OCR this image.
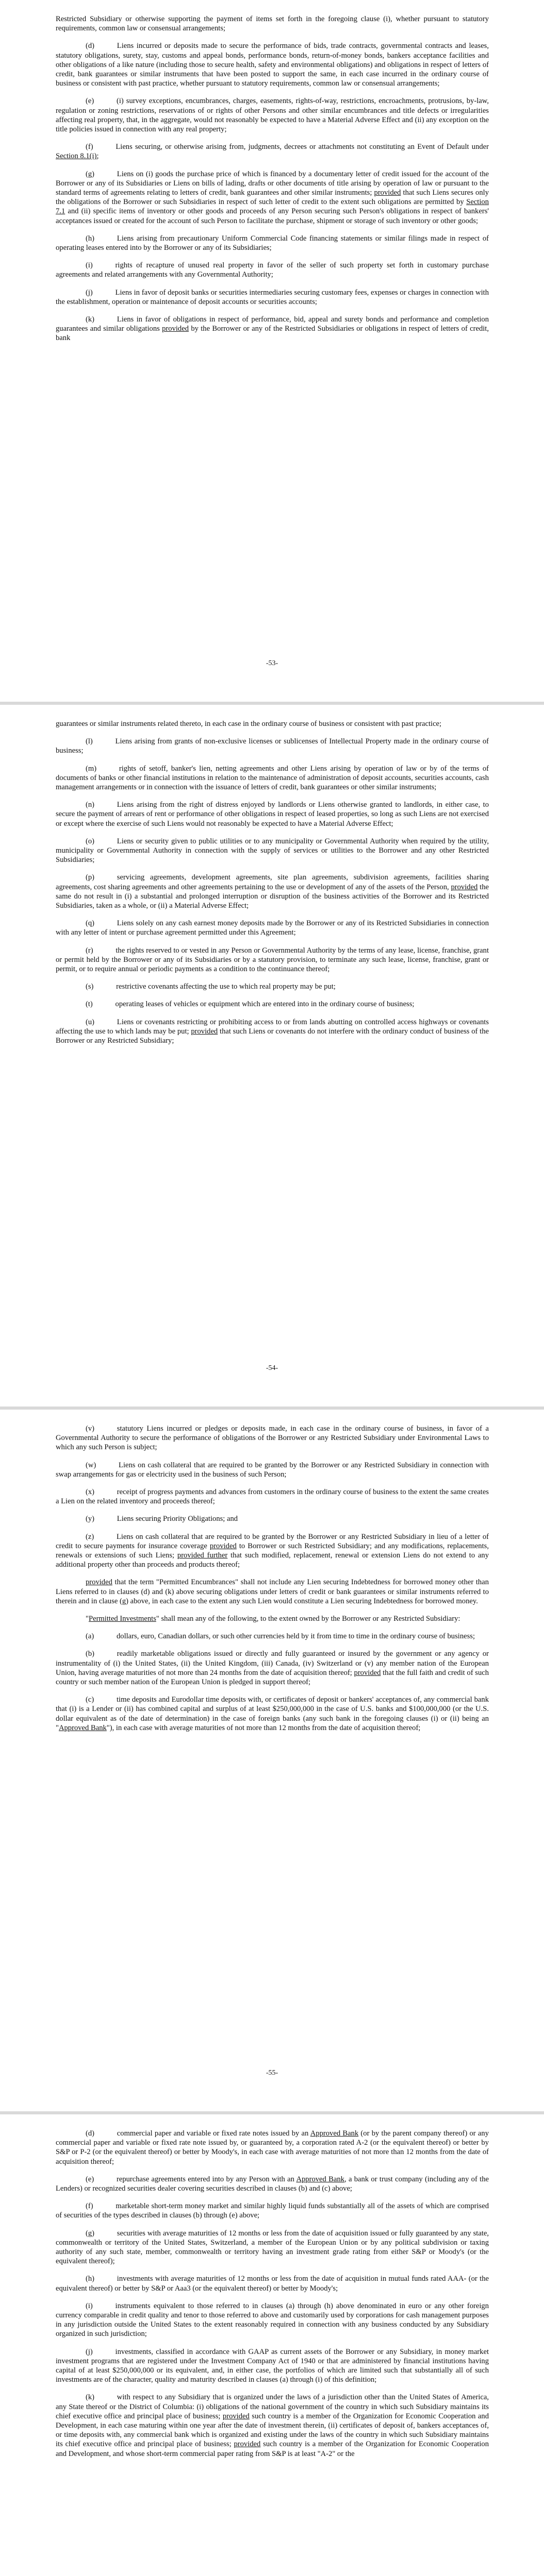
Restricted Subsidiary or otherwise supporting the payment of items set forth in the foregoing clause (i), whether pursuant to statutory requirements, common law or consensual arrangements;

(d)   Liens incurred or deposits made to secure the performance of bids, trade contracts, governmental contracts and leases, statutory obligations, surety, stay, customs and appeal bonds, performance bonds, return-of-money bonds, bankers acceptance facilities and other obligations of a like nature (including those to secure health, safety and environmental obligations) and obligations in respect of letters of credit, bank guarantees or similar instruments that have been posted to support the same, in each case incurred in the ordinary course of business or consistent with past practice, whether pursuant to statutory requirements, common law or consensual arrangements;

(e)   (i) survey exceptions, encumbrances, charges, easements, rights-of-way, restrictions, encroachments, protrusions, by-law, regulation or zoning restrictions, reservations of or rights of other Persons and other similar encumbrances and title defects or irregularities affecting real property, that, in the aggregate, would not reasonably be expected to have a Material Adverse Effect and (ii) any exception on the title policies issued in connection with any real property;

(f)   Liens securing, or otherwise arising from, judgments, decrees or attachments not constituting an Event of Default under Section 8.1(i);

(g)   Liens on (i) goods the purchase price of which is financed by a documentary letter of credit issued for the account of the Borrower or any of its Subsidiaries or Liens on bills of lading, drafts or other documents of title arising by operation of law or pursuant to the standard terms of agreements relating to letters of credit, bank guarantees and other similar instruments; provided that such Liens secures only the obligations of the Borrower or such Subsidiaries in respect of such letter of credit to the extent such obligations are permitted by Section 7.1 and (ii) specific items of inventory or other goods and proceeds of any Person securing such Person's obligations in respect of bankers' acceptances issued or created for the account of such Person to facilitate the purchase, shipment or storage of such inventory or other goods;

(h)   Liens arising from precautionary Uniform Commercial Code financing statements or similar filings made in respect of operating leases entered into by the Borrower or any of its Subsidiaries;

(i)   rights of recapture of unused real property in favor of the seller of such property set forth in customary purchase agreements and related arrangements with any Governmental Authority;

(j)   Liens in favor of deposit banks or securities intermediaries securing customary fees, expenses or charges in connection with the establishment, operation or maintenance of deposit accounts or securities accounts;

(k)   Liens in favor of obligations in respect of performance, bid, appeal and surety bonds and performance and completion guarantees and similar obligations provided by the Borrower or any of the Restricted Subsidiaries or obligations in respect of letters of credit, bank

-53-

guarantees or similar instruments related thereto, in each case in the ordinary course of business or consistent with past practice;

(l)   Liens arising from grants of non-exclusive licenses or sublicenses of Intellectual Property made in the ordinary course of business;

(m)   rights of setoff, banker's lien, netting agreements and other Liens arising by operation of law or by of the terms of documents of banks or other financial institutions in relation to the maintenance of administration of deposit accounts, securities accounts, cash management arrangements or in connection with the issuance of letters of credit, bank guarantees or other similar instruments;

(n)   Liens arising from the right of distress enjoyed by landlords or Liens otherwise granted to landlords, in either case, to secure the payment of arrears of rent or performance of other obligations in respect of leased properties, so long as such Liens are not exercised or except where the exercise of such Liens would not reasonably be expected to have a Material Adverse Effect;

(o)   Liens or security given to public utilities or to any municipality or Governmental Authority when required by the utility, municipality or Governmental Authority in connection with the supply of services or utilities to the Borrower and any other Restricted Subsidiaries;

(p)   servicing agreements, development agreements, site plan agreements, subdivision agreements, facilities sharing agreements, cost sharing agreements and other agreements pertaining to the use or development of any of the assets of the Person, provided the same do not result in (i) a substantial and prolonged interruption or disruption of the business activities of the Borrower and its Restricted Subsidiaries, taken as a whole, or (ii) a Material Adverse Effect;

(q)   Liens solely on any cash earnest money deposits made by the Borrower or any of its Restricted Subsidiaries in connection with any letter of intent or purchase agreement permitted under this Agreement;

(r)   the rights reserved to or vested in any Person or Governmental Authority by the terms of any lease, license, franchise, grant or permit held by the Borrower or any of its Subsidiaries or by a statutory provision, to terminate any such lease, license, franchise, grant or permit, or to require annual or periodic payments as a condition to the continuance thereof;

(s)   restrictive covenants affecting the use to which real property may be put;

(t)   operating leases of vehicles or equipment which are entered into in the ordinary course of business;

(u)   Liens or covenants restricting or prohibiting access to or from lands abutting on controlled access highways or covenants affecting the use to which lands may be put; provided that such Liens or covenants do not interfere with the ordinary conduct of business of the Borrower or any Restricted Subsidiary;

-54-

(v)   statutory Liens incurred or pledges or deposits made, in each case in the ordinary course of business, in favor of a Governmental Authority to secure the performance of obligations of the Borrower or any Restricted Subsidiary under Environmental Laws to which any such Person is subject;

(w)   Liens on cash collateral that are required to be granted by the Borrower or any Restricted Subsidiary in connection with swap arrangements for gas or electricity used in the business of such Person;

(x)   receipt of progress payments and advances from customers in the ordinary course of business to the extent the same creates a Lien on the related inventory and proceeds thereof;

(y)   Liens securing Priority Obligations; and

(z)   Liens on cash collateral that are required to be granted by the Borrower or any Restricted Subsidiary in lieu of a letter of credit to secure payments for insurance coverage provided to Borrower or such Restricted Subsidiary; and any modifications, replacements, renewals or extensions of such Liens; provided further that such modified, replacement, renewal or extension Liens do not extend to any additional property other than proceeds and products thereof;

provided that the term "Permitted Encumbrances" shall not include any Lien securing Indebtedness for borrowed money other than Liens referred to in clauses (d) and (k) above securing obligations under letters of credit or bank guarantees or similar instruments referred to therein and in clause (g) above, in each case to the extent any such Lien would constitute a Lien securing Indebtedness for borrowed money.

"Permitted Investments" shall mean any of the following, to the extent owned by the Borrower or any Restricted Subsidiary:

(a)   dollars, euro, Canadian dollars, or such other currencies held by it from time to time in the ordinary course of business;

(b)   readily marketable obligations issued or directly and fully guaranteed or insured by the government or any agency or instrumentality of (i) the United States, (ii) the United Kingdom, (iii) Canada, (iv) Switzerland or (v) any member nation of the European Union, having average maturities of not more than 24 months from the date of acquisition thereof; provided that the full faith and credit of such country or such member nation of the European Union is pledged in support thereof;

(c)   time deposits and Eurodollar time deposits with, or certificates of deposit or bankers' acceptances of, any commercial bank that (i) is a Lender or (ii) has combined capital and surplus of at least $250,000,000 in the case of U.S. banks and $100,000,000 (or the U.S. dollar equivalent as of the date of determination) in the case of foreign banks (any such bank in the foregoing clauses (i) or (ii) being an "Approved Bank"), in each case with average maturities of not more than 12 months from the date of acquisition thereof;

-55-

(d)   commercial paper and variable or fixed rate notes issued by an Approved Bank (or by the parent company thereof) or any commercial paper and variable or fixed rate note issued by, or guaranteed by, a corporation rated A-2 (or the equivalent thereof) or better by S&P or P-2 (or the equivalent thereof) or better by Moody's, in each case with average maturities of not more than 12 months from the date of acquisition thereof;

(e)   repurchase agreements entered into by any Person with an Approved Bank, a bank or trust company (including any of the Lenders) or recognized securities dealer covering securities described in clauses (b) and (c) above;

(f)   marketable short-term money market and similar highly liquid funds substantially all of the assets of which are comprised of securities of the types described in clauses (b) through (e) above;

(g)   securities with average maturities of 12 months or less from the date of acquisition issued or fully guaranteed by any state, commonwealth or territory of the United States, Switzerland, a member of the European Union or by any political subdivision or taxing authority of any such state, member, commonwealth or territory having an investment grade rating from either S&P or Moody's (or the equivalent thereof);

(h)   investments with average maturities of 12 months or less from the date of acquisition in mutual funds rated AAA- (or the equivalent thereof) or better by S&P or Aaa3 (or the equivalent thereof) or better by Moody's;

(i)   instruments equivalent to those referred to in clauses (a) through (h) above denominated in euro or any other foreign currency comparable in credit quality and tenor to those referred to above and customarily used by corporations for cash management purposes in any jurisdiction outside the United States to the extent reasonably required in connection with any business conducted by any Subsidiary organized in such jurisdiction;

(j)   investments, classified in accordance with GAAP as current assets of the Borrower or any Subsidiary, in money market investment programs that are registered under the Investment Company Act of 1940 or that are administered by financial institutions having capital of at least $250,000,000 or its equivalent, and, in either case, the portfolios of which are limited such that substantially all of such investments are of the character, quality and maturity described in clauses (a) through (i) of this definition;

(k)   with respect to any Subsidiary that is organized under the laws of a jurisdiction other than the United States of America, any State thereof or the District of Columbia: (i) obligations of the national government of the country in which such Subsidiary maintains its chief executive office and principal place of business; provided such country is a member of the Organization for Economic Cooperation and Development, in each case maturing within one year after the date of investment therein, (ii) certificates of deposit of, bankers acceptances of, or time deposits with, any commercial bank which is organized and existing under the laws of the country in which such Subsidiary maintains its chief executive office and principal place of business; provided such country is a member of the Organization for Economic Cooperation and Development, and whose short-term commercial paper rating from S&P is at least "A-2" or the
